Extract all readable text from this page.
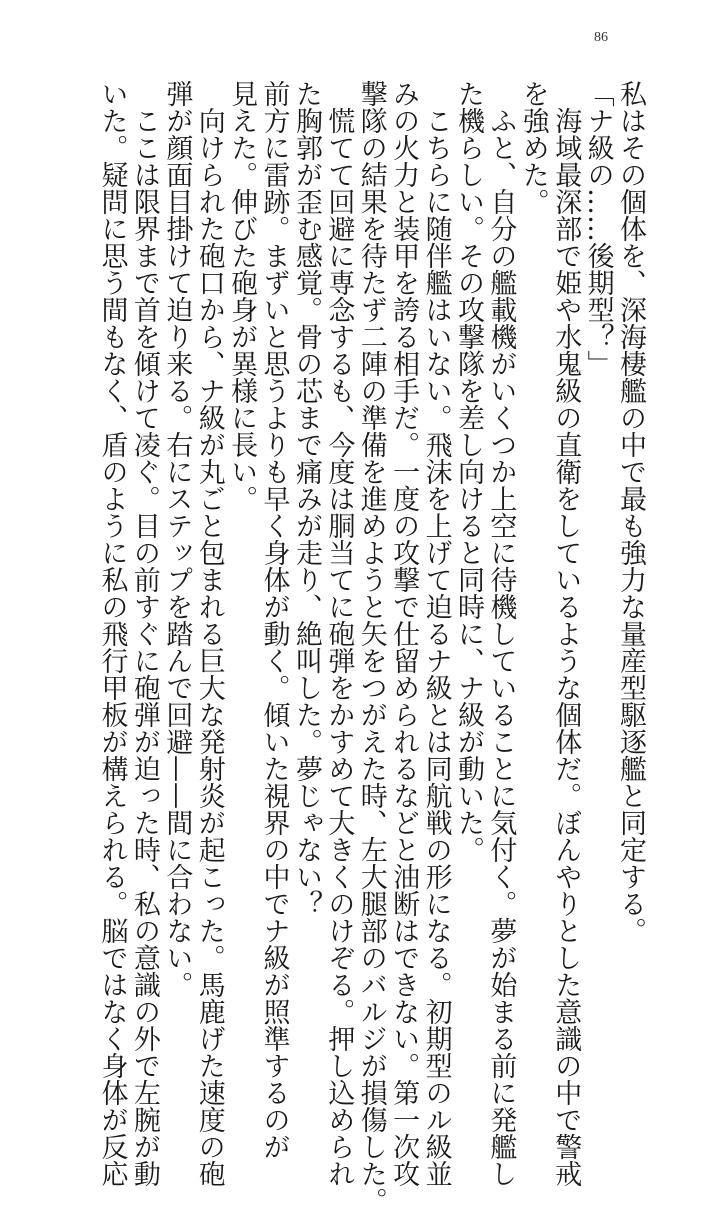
86
私はその個体を、深海棲艦の中で最も強力な量産型駆逐艦と同定する。
「ナ級の……後期型？」
　海域最深部で姫や水鬼級の直衛をしているような個体だ。ぼんやりとした意識の中で警戒
を強めた。
　ふと、自分の艦載機がいくつか上空に待機していることに気付く。夢が始まる前に発艦し
た機らしい。その攻撃隊を差し向けると同時に、ナ級が動いた。
　こちらに随伴艦はいない。飛沫を上げて迫るナ級とは同航戦の形になる。初期型のル級並
みの火力と装甲を誇る相手だ。一度の攻撃で仕留められるなどと油断はできない。第一次攻
撃隊の結果を待たず二陣の準備を進めようと矢をつがえた時、左大腿部のバルジが損傷した。
　慌てて回避に専念するも、今度は胴当てに砲弾をかすめて大きくのけぞる。押し込められ
た胸郭が歪む感覚。骨の芯まで痛みが走り、絶叫した。夢じゃない？
前方に雷跡。まずいと思うよりも早く身体が動く。傾いた視界の中でナ級が照準するのが
見えた。伸びた砲身が異様に長い。
　向けられた砲口から、ナ級が丸ごと包まれる巨大な発射炎が起こった。馬鹿げた速度の砲
弾が顔面目掛けて迫り来る。右にステップを踏んで回避——間に合わない。
　ここは限界まで首を傾けて凌ぐ。目の前すぐに砲弾が迫った時、私の意識の外で左腕が動
いた。疑問に思う間もなく、盾のように私の飛行甲板が構えられる。脳ではなく身体が反応
